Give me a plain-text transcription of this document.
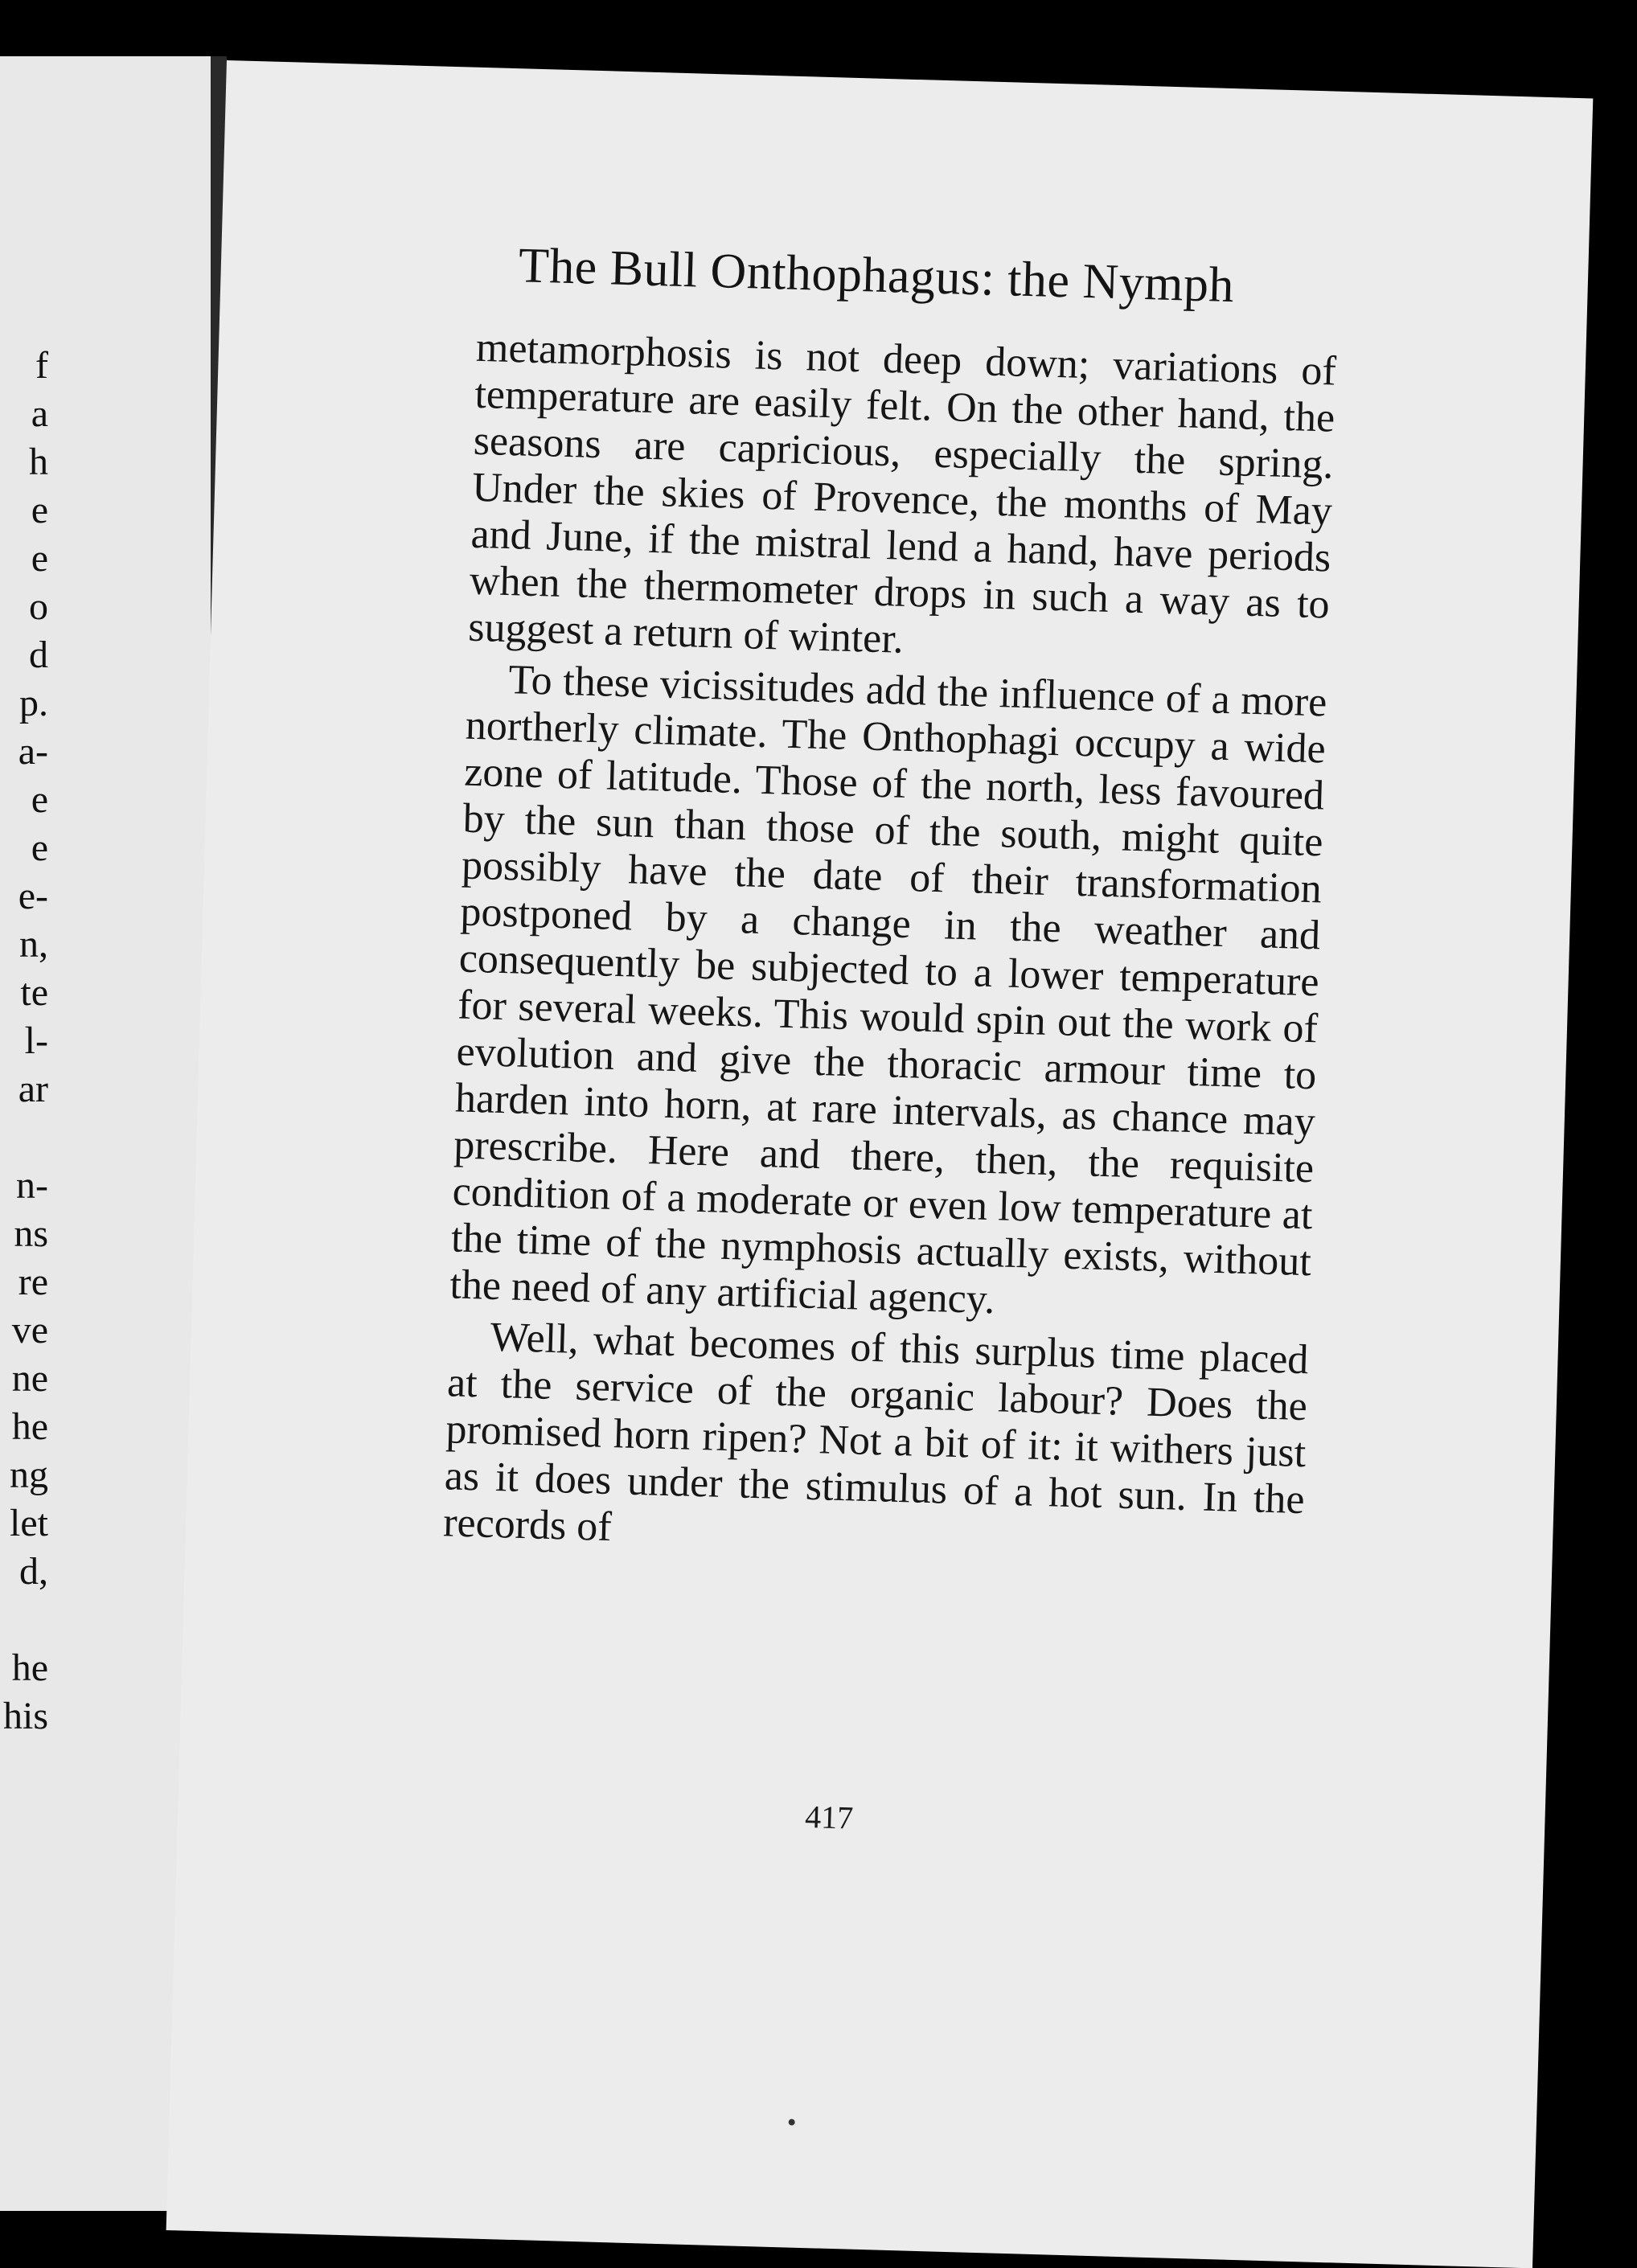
f
a
h
e
e
o
d
p.
a-
e
e
e-
n,
te
l-
ar
n-
ns
re
ve
ne
he
ng
let
d,
he
his
The Bull Onthophagus: the Nymph

metamorphosis is not deep down; variations of temperature are easily felt. On the other hand, the seasons are capricious, especially the spring. Under the skies of Provence, the months of May and June, if the mistral lend a hand, have periods when the thermometer drops in such a way as to suggest a return of winter.

To these vicissitudes add the influence of a more northerly climate. The Onthophagi occupy a wide zone of latitude. Those of the north, less favoured by the sun than those of the south, might quite possibly have the date of their transformation postponed by a change in the weather and consequently be subjected to a lower temperature for several weeks. This would spin out the work of evolution and give the thoracic armour time to harden into horn, at rare intervals, as chance may prescribe. Here and there, then, the requisite condition of a moderate or even low temperature at the time of the nymphosis actually exists, without the need of any artificial agency.

Well, what becomes of this surplus time placed at the service of the organic labour? Does the promised horn ripen? Not a bit of it: it withers just as it does under the stimulus of a hot sun. In the records of

417
